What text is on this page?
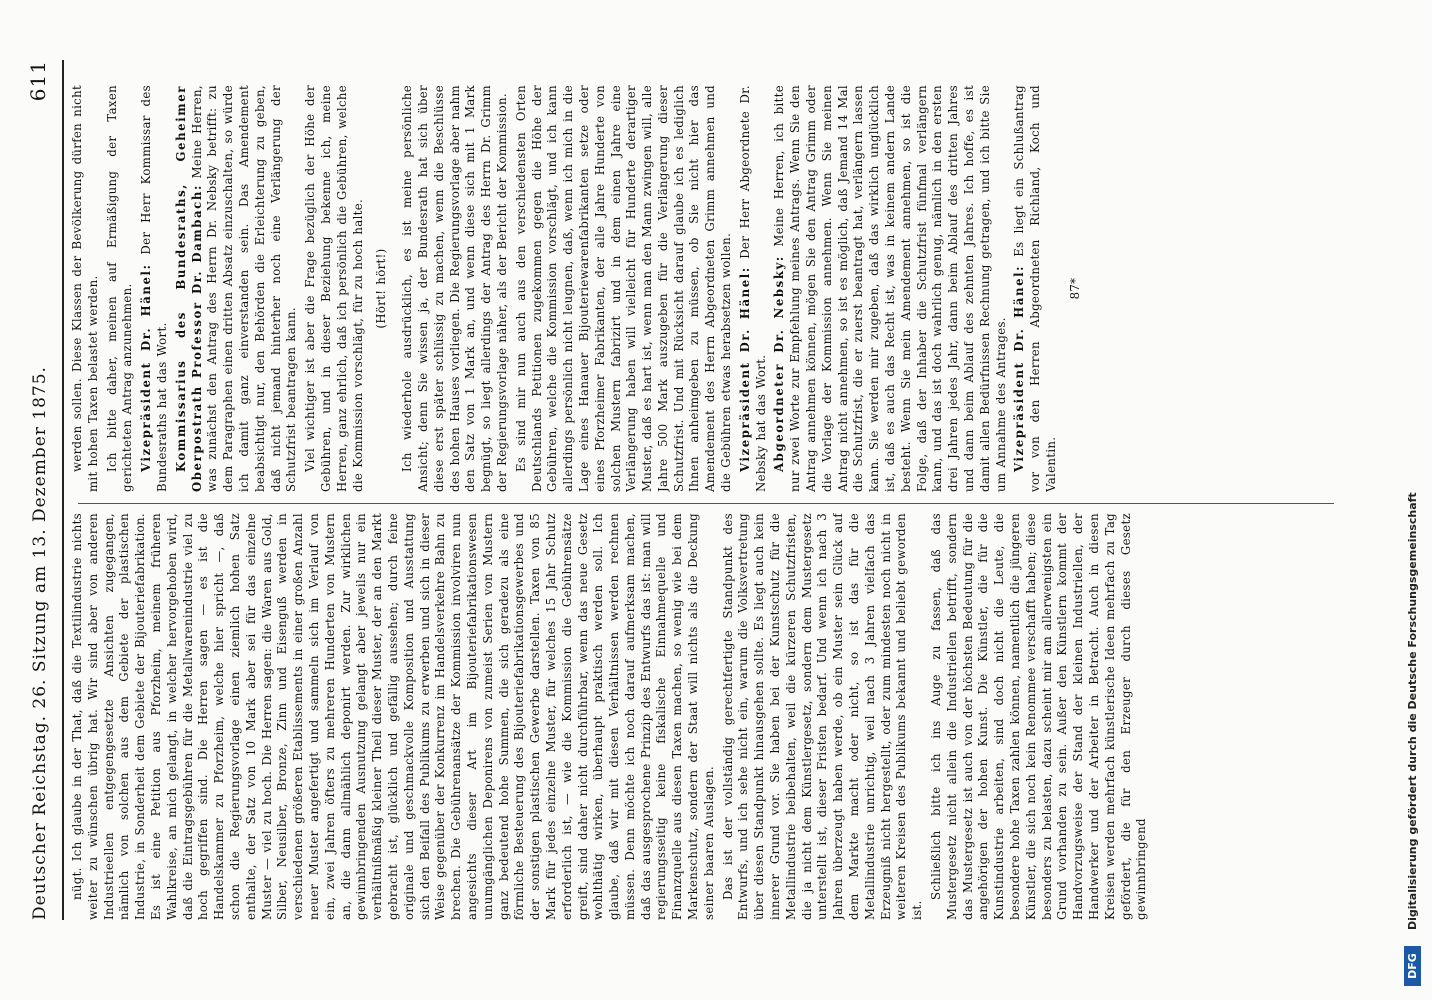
Deutscher Reichstag. 26. Sitzung am 13. Dezember 1875.
611

nügt. Ich glaube in der That, daß die Textilindustrie nichts weiter zu wünschen übrig hat. Wir sind aber von anderen Industrieellen entgegengesetzte Ansichten zugegangen, nämlich von solchen aus dem Gebiete der plastischen Industrie, in Sonderheit dem Gebiete der Bijouteriefabrikation. Es ist eine Petition aus Pforzheim, meinem früheren Wahlkreise, an mich gelangt, in welcher hervorgehoben wird, daß die Eintragsgebühren für die Metallwarenindustrie viel zu hoch gegriffen sind. Die Herren sagen — es ist die Handelskammer zu Pforzheim, welche hier spricht —, daß schon die Regierungsvorlage einen ziemlich hohen Satz enthalte, der Satz von 10 Mark aber sei für das einzelne Muster — viel zu hoch. Die Herren sagen: die Waren aus Gold, Silber, Neusilber, Bronze, Zinn und Eisenguß werden in verschiedenen größeren Etablissements in einer großen Anzahl neuer Muster angefertigt und sammeln sich im Verlauf von ein, zwei Jahren öfters zu mehreren Hunderten von Mustern an, die dann allmählich deponirt werden. Zur wirklichen gewinnbringenden Ausnutzung gelangt aber jeweils nur ein verhältnißmäßig kleiner Theil dieser Muster, der an den Markt gebracht ist, glücklich und gefällig aussehen; durch feine originale und geschmackvolle Komposition und Ausstattung sich den Beifall des Publikums zu erwerben und sich in dieser Weise gegenüber der Konkurrenz im Handelsverkehre Bahn zu brechen. Die Gebührenansätze der Kommission involviren nun angesichts dieser Art im Bijouteriefabrikationswesen unumgänglichen Deponirens von zumeist Serien von Mustern ganz bedeutend hohe Summen, die sich geradezu als eine förmliche Besteuerung des Bijouteriefabrikationsgewerbes und der sonstigen plastischen Gewerbe darstellen. Taxen von 85 Mark für jedes einzelne Muster, für welches 15 Jahr Schutz erforderlich ist, — wie die Kommission die Gebührensätze greift, sind daher nicht durchführbar, wenn das neue Gesetz wohlthätig wirken, überhaupt praktisch werden soll. Ich glaube, daß wir mit diesen Verhältnissen werden rechnen müssen. Denn möchte ich noch darauf aufmerksam machen, daß das ausgesprochene Prinzip des Entwurfs das ist: man will regierungsseitig keine fiskalische Einnahmequelle und Finanzquelle aus diesen Taxen machen, so wenig wie bei dem Markenschutz, sondern der Staat will nichts als die Deckung seiner baaren Auslagen. Das ist der vollständig gerechtfertigte Standpunkt des Entwurfs, und ich sehe nicht ein, warum die Volksvertretung über diesen Standpunkt hinausgehen sollte. Es liegt auch kein innerer Grund vor. Sie haben bei der Kunstschutz für die Metallindustrie beibehalten, weil die kürzeren Schutzfristen, die ja nicht dem Künstlergesetz, sondern dem Mustergesetz unterstellt ist, dieser Fristen bedarf. Und wenn ich nach 3 Jahren überzeugt haben werde, ob ein Muster sein Glück auf dem Markte macht oder nicht, so ist das für die Metallindustrie unrichtig, weil nach 3 Jahren vielfach das Erzeugniß nicht hergestellt, oder zum mindesten noch nicht in weiteren Kreisen des Publikums bekannt und beliebt geworden ist.

Schließlich bitte ich ins Auge zu fassen, daß das Mustergesetz nicht allein die Industriellen betrifft, sondern das Mustergesetz ist auch von der höchsten Bedeutung für die angehörigen der hohen Kunst. Die Künstler, die für die Kunstindustrie arbeiten, sind doch nicht die Leute, die besondere hohe Taxen zahlen können, namentlich die jüngeren Künstler, die sich noch kein Renommee verschafft haben; diese besonders zu belasten, dazu scheint mir am allerwenigsten ein Grund vorhanden zu sein. Außer den Künstlern kommt der Handvorzugsweise der Stand der kleinen Industriellen, der Handwerker und der Arbeiter in Betracht. Auch in diesen Kreisen werden mehrfach künstlerische Ideen mehrfach zu Tag gefördert, die für den Erzeuger durch dieses Gesetz gewinnbringend

werden sollen. Diese Klassen der Bevölkerung dürfen nicht mit hohen Taxen belastet werden. Ich bitte daher, meinen auf Ermäßigung der Taxen gerichteten Antrag anzunehmen. Vizepräsident Dr. Hänel: Der Herr Kommissar des Bundesraths hat das Wort. Kommissarius des Bundesraths, Geheimer Oberpostrath Professor Dr. Dambach: Meine Herren, was zunächst den Antrag des Herrn Dr. Nebsky betrifft: zu dem Paragraphen einen dritten Absatz einzuschalten, so würde ich damit ganz einverstanden sein. Das Amendement beabsichtigt nur, den Behörden die Erleichterung zu geben, daß nicht jemand hinterher noch eine Verlängerung der Schutzfrist beantragen kann. Viel wichtiger ist aber die Frage bezüglich der Höhe der Gebühren, und in dieser Beziehung bekenne ich, meine Herren, ganz ehrlich, daß ich persönlich die Gebühren, welche die Kommission vorschlägt, für zu hoch halte. (Hört! hört!) Ich wiederhole ausdrücklich, es ist meine persönliche Ansicht; denn Sie wissen ja, der Bundesrath hat sich über diese erst später schlüssig zu machen, wenn die Beschlüsse des hohen Hauses vorliegen. Die Regierungsvorlage aber nahm den Satz von 1 Mark an, und wenn diese sich mit 1 Mark begnügt, so liegt allerdings der Antrag des Herrn Dr. Grimm der Regierungsvorlage näher, als der Bericht der Kommission. Es sind mir nun auch aus den verschiedensten Orten Deutschlands Petitionen zugekommen gegen die Höhe der Gebühren, welche die Kommission vorschlägt, und ich kann allerdings persönlich nicht leugnen, daß, wenn ich mich in die Lage eines Hanauer Bijouteriewarenfabrikanten setze oder eines Pforzheimer Fabrikanten, der alle Jahre Hunderte von solchen Mustern fabrizirt und in dem einen Jahre eine Verlängerung haben will vielleicht für Hunderte derartiger Muster, daß es hart ist, wenn man den Mann zwingen will, alle Jahre 500 Mark auszugeben für die Verlängerung dieser Schutzfrist. Und mit Rücksicht darauf glaube ich es lediglich Ihnen anheimgeben zu müssen, ob Sie nicht hier das Amendement des Herrn Abgeordneten Grimm annehmen und die Gebühren etwas herabsetzen wollen. Vizepräsident Dr. Hänel: Der Herr Abgeordnete Dr. Nebsky hat das Wort. Abgeordneter Dr. Nebsky: Meine Herren, ich bitte nur zwei Worte zur Empfehlung meines Antrags. Wenn Sie den Antrag annehmen können, mögen Sie den Antrag Grimm oder die Vorlage der Kommission annehmen. Wenn Sie meinen Antrag nicht annehmen, so ist es möglich, daß Jemand 14 Mal die Schutzfrist, die er zuerst beantragt hat, verlängern lassen kann. Sie werden mir zugeben, daß das wirklich unglücklich ist, daß es auch das Recht ist, was in keinem andern Lande besteht. Wenn Sie mein Amendement annehmen, so ist die Folge, daß der Inhaber die Schutzfrist fünfmal verlängern kann, und das ist doch wahrlich genug, nämlich in den ersten drei Jahren jedes Jahr, dann beim Ablauf des dritten Jahres und dann beim Ablauf des zehnten Jahres. Ich hoffe, es ist damit allen Bedürfnissen Rechnung getragen, und ich bitte Sie um Annahme des Antrages. Vizepräsident Dr. Hänel: Es liegt ein Schlußantrag vor von den Herren Abgeordneten Richland, Koch und Valentin.

87*

DFG
Digitalisierung gefördert durch die Deutsche Forschungsgemeinschaft
